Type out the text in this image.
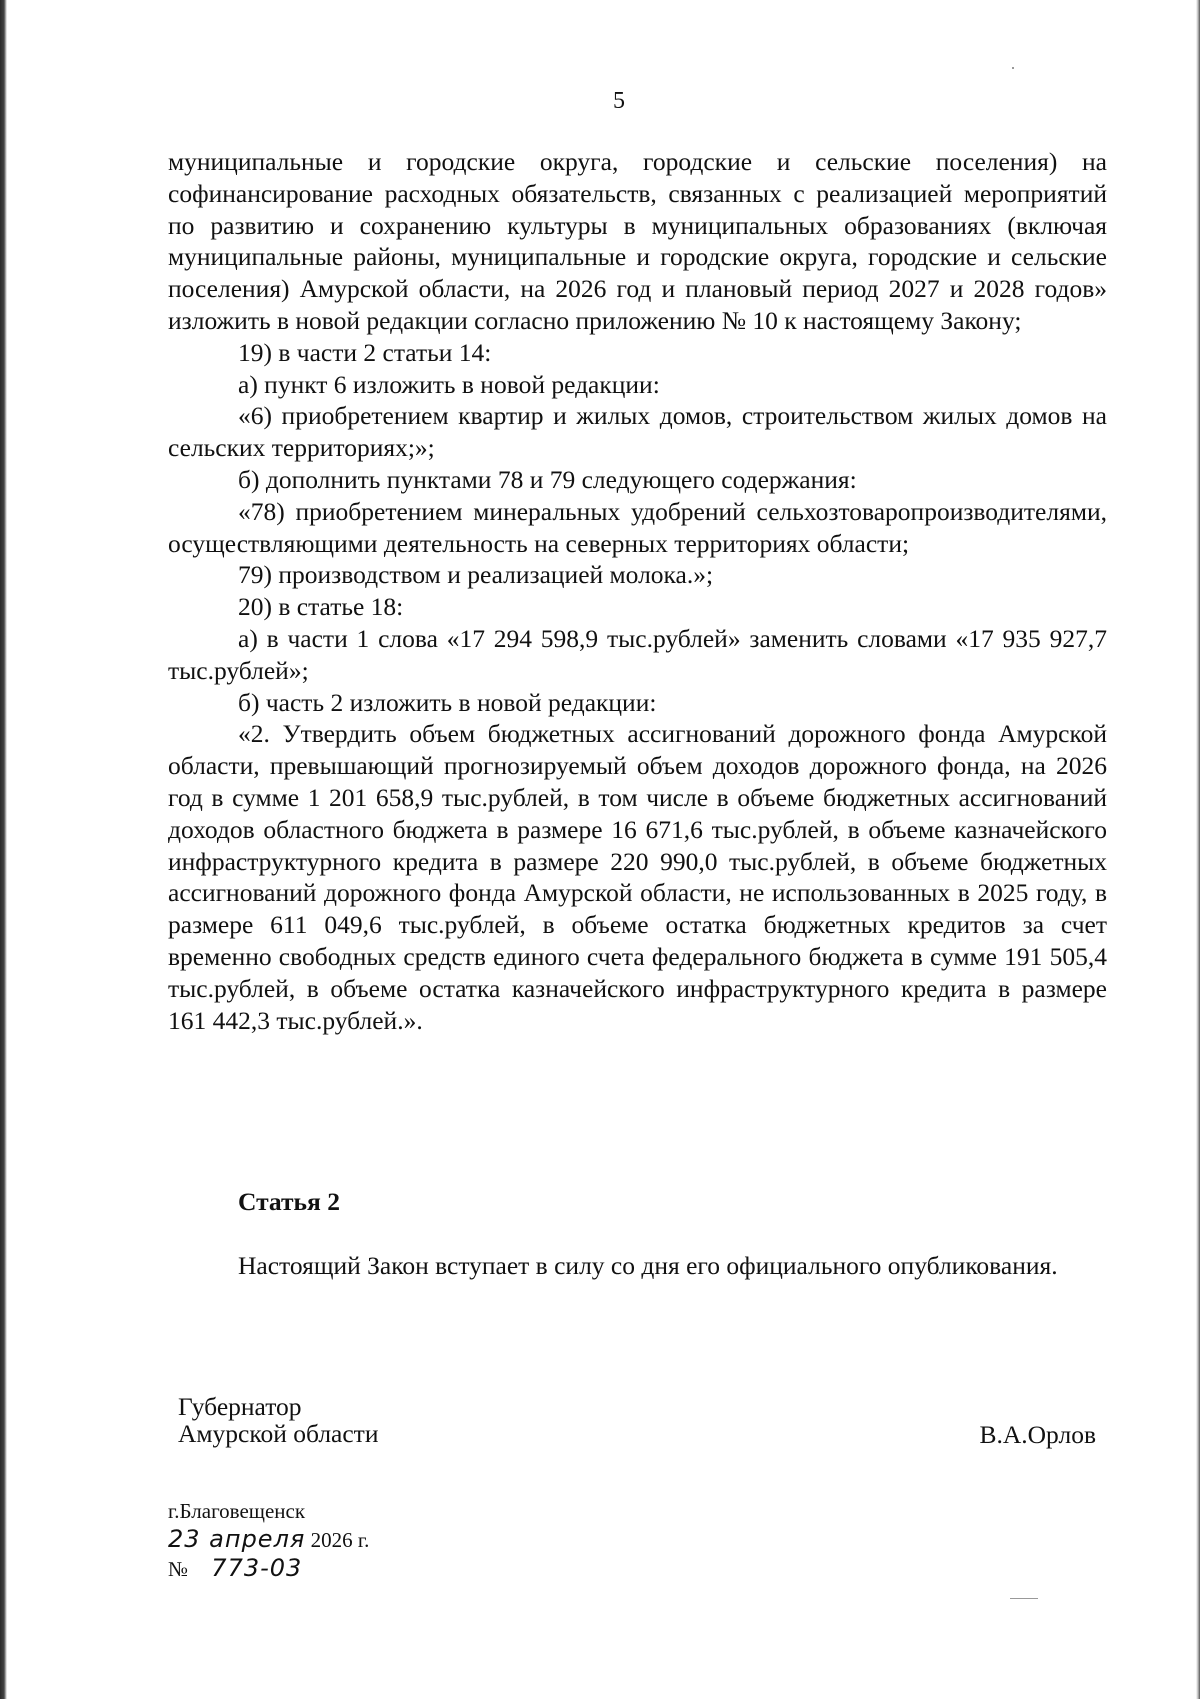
5

муниципальные и городские округа, городские и сельские поселения) на софинансирование расходных обязательств, связанных с реализацией мероприятий по развитию и сохранению культуры в муниципальных образованиях (включая муниципальные районы, муниципальные и городские округа, городские и сельские поселения) Амурской области, на 2026 год и плановый период 2027 и 2028 годов» изложить в новой редакции согласно приложению № 10 к настоящему Закону;

19) в части 2 статьи 14:

а) пункт 6 изложить в новой редакции:

«6) приобретением квартир и жилых домов, строительством жилых домов на сельских территориях;»;

б) дополнить пунктами 78 и 79 следующего содержания:

«78) приобретением минеральных удобрений сельхозтоваропроизводителями, осуществляющими деятельность на северных территориях области;

79) производством и реализацией молока.»;

20) в статье 18:

а) в части 1 слова «17 294 598,9 тыс.рублей» заменить словами «17 935 927,7 тыс.рублей»;

б) часть 2 изложить в новой редакции:

«2. Утвердить объем бюджетных ассигнований дорожного фонда Амурской области, превышающий прогнозируемый объем доходов дорожного фонда, на 2026 год в сумме 1 201 658,9 тыс.рублей, в том числе в объеме бюджетных ассигнований доходов областного бюджета в размере 16 671,6 тыс.рублей, в объеме казначейского инфраструктурного кредита в размере 220 990,0 тыс.рублей, в объеме бюджетных ассигнований дорожного фонда Амурской области, не использованных в 2025 году, в размере 611 049,6 тыс.рублей, в объеме остатка бюджетных кредитов за счет временно свободных средств единого счета федерального бюджета в сумме 191 505,4 тыс.рублей, в объеме остатка казначейского инфраструктурного кредита в размере 161 442,3 тыс.рублей.».

Статья 2

Настоящий Закон вступает в силу со дня его официального опубликования.

Губернатор
Амурской области	В.А.Орлов
г.Благовещенск
23 апреля 2026 г.
№ 773-03
